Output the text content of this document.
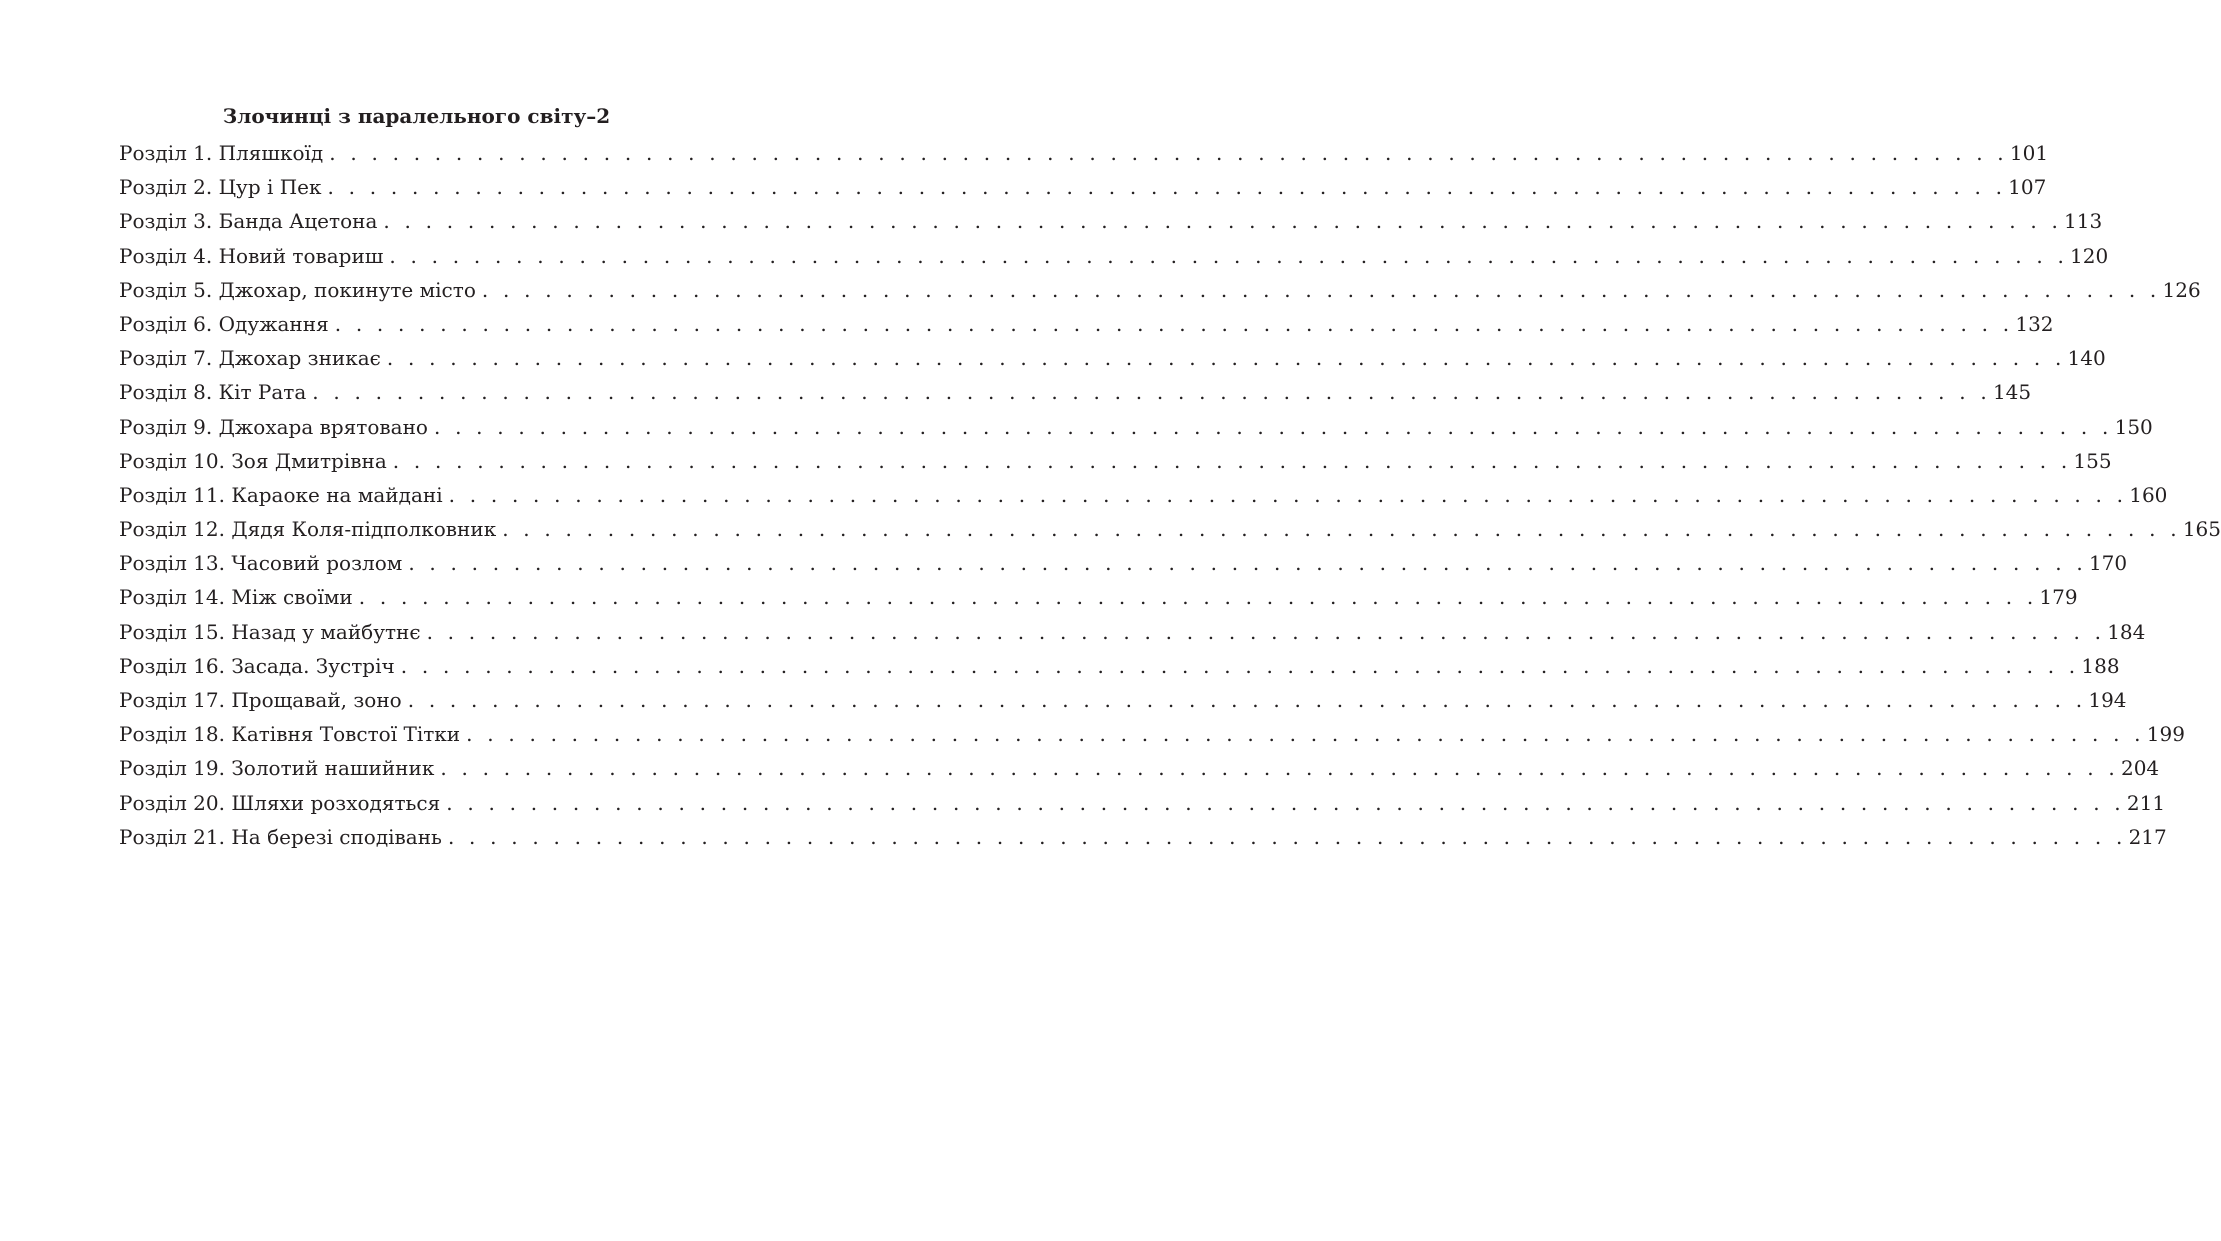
Злочинці з паралельного світу–2
Розділ 1. Пляшкоїд . . . . . . . . . . . . . . . . . . . . . . . . . . . . . . . . . . . . . . . . . . . . . . . . . . . . . . . . . . . . . . . . . . . . . . . . . . . . . . . . 101
Розділ 2. Цур і Пек . . . . . . . . . . . . . . . . . . . . . . . . . . . . . . . . . . . . . . . . . . . . . . . . . . . . . . . . . . . . . . . . . . . . . . . . . . . . . . . . 107
Розділ 3. Банда Ацетона . . . . . . . . . . . . . . . . . . . . . . . . . . . . . . . . . . . . . . . . . . . . . . . . . . . . . . . . . . . . . . . . . . . . . . . . . . . . . . . . 113
Розділ 4. Новий товариш . . . . . . . . . . . . . . . . . . . . . . . . . . . . . . . . . . . . . . . . . . . . . . . . . . . . . . . . . . . . . . . . . . . . . . . . . . . . . . . . 120
Розділ 5. Джохар, покинуте місто . . . . . . . . . . . . . . . . . . . . . . . . . . . . . . . . . . . . . . . . . . . . . . . . . . . . . . . . . . . . . . . . . . . . . . . . . . . . . . . . 126
Розділ 6. Одужання . . . . . . . . . . . . . . . . . . . . . . . . . . . . . . . . . . . . . . . . . . . . . . . . . . . . . . . . . . . . . . . . . . . . . . . . . . . . . . . . 132
Розділ 7. Джохар зникає . . . . . . . . . . . . . . . . . . . . . . . . . . . . . . . . . . . . . . . . . . . . . . . . . . . . . . . . . . . . . . . . . . . . . . . . . . . . . . . . 140
Розділ 8. Кіт Рата . . . . . . . . . . . . . . . . . . . . . . . . . . . . . . . . . . . . . . . . . . . . . . . . . . . . . . . . . . . . . . . . . . . . . . . . . . . . . . . . 145
Розділ 9. Джохара врятовано . . . . . . . . . . . . . . . . . . . . . . . . . . . . . . . . . . . . . . . . . . . . . . . . . . . . . . . . . . . . . . . . . . . . . . . . . . . . . . . . 150
Розділ 10. Зоя Дмитрівна . . . . . . . . . . . . . . . . . . . . . . . . . . . . . . . . . . . . . . . . . . . . . . . . . . . . . . . . . . . . . . . . . . . . . . . . . . . . . . . . 155
Розділ 11. Караоке на майдані . . . . . . . . . . . . . . . . . . . . . . . . . . . . . . . . . . . . . . . . . . . . . . . . . . . . . . . . . . . . . . . . . . . . . . . . . . . . . . . . 160
Розділ 12. Дядя Коля-підполковник . . . . . . . . . . . . . . . . . . . . . . . . . . . . . . . . . . . . . . . . . . . . . . . . . . . . . . . . . . . . . . . . . . . . . . . . . . . . . . . . 165
Розділ 13. Часовий розлом . . . . . . . . . . . . . . . . . . . . . . . . . . . . . . . . . . . . . . . . . . . . . . . . . . . . . . . . . . . . . . . . . . . . . . . . . . . . . . . . 170
Розділ 14. Між своїми . . . . . . . . . . . . . . . . . . . . . . . . . . . . . . . . . . . . . . . . . . . . . . . . . . . . . . . . . . . . . . . . . . . . . . . . . . . . . . . . 179
Розділ 15. Назад у майбутнє . . . . . . . . . . . . . . . . . . . . . . . . . . . . . . . . . . . . . . . . . . . . . . . . . . . . . . . . . . . . . . . . . . . . . . . . . . . . . . . . 184
Розділ 16. Засада. Зустріч . . . . . . . . . . . . . . . . . . . . . . . . . . . . . . . . . . . . . . . . . . . . . . . . . . . . . . . . . . . . . . . . . . . . . . . . . . . . . . . . 188
Розділ 17. Прощавай, зоно . . . . . . . . . . . . . . . . . . . . . . . . . . . . . . . . . . . . . . . . . . . . . . . . . . . . . . . . . . . . . . . . . . . . . . . . . . . . . . . . 194
Розділ 18. Катівня Товстої Тітки . . . . . . . . . . . . . . . . . . . . . . . . . . . . . . . . . . . . . . . . . . . . . . . . . . . . . . . . . . . . . . . . . . . . . . . . . . . . . . . . 199
Розділ 19. Золотий нашийник . . . . . . . . . . . . . . . . . . . . . . . . . . . . . . . . . . . . . . . . . . . . . . . . . . . . . . . . . . . . . . . . . . . . . . . . . . . . . . . . 204
Розділ 20. Шляхи розходяться . . . . . . . . . . . . . . . . . . . . . . . . . . . . . . . . . . . . . . . . . . . . . . . . . . . . . . . . . . . . . . . . . . . . . . . . . . . . . . . . 211
Розділ 21. На березі сподівань . . . . . . . . . . . . . . . . . . . . . . . . . . . . . . . . . . . . . . . . . . . . . . . . . . . . . . . . . . . . . . . . . . . . . . . . . . . . . . . . 217
